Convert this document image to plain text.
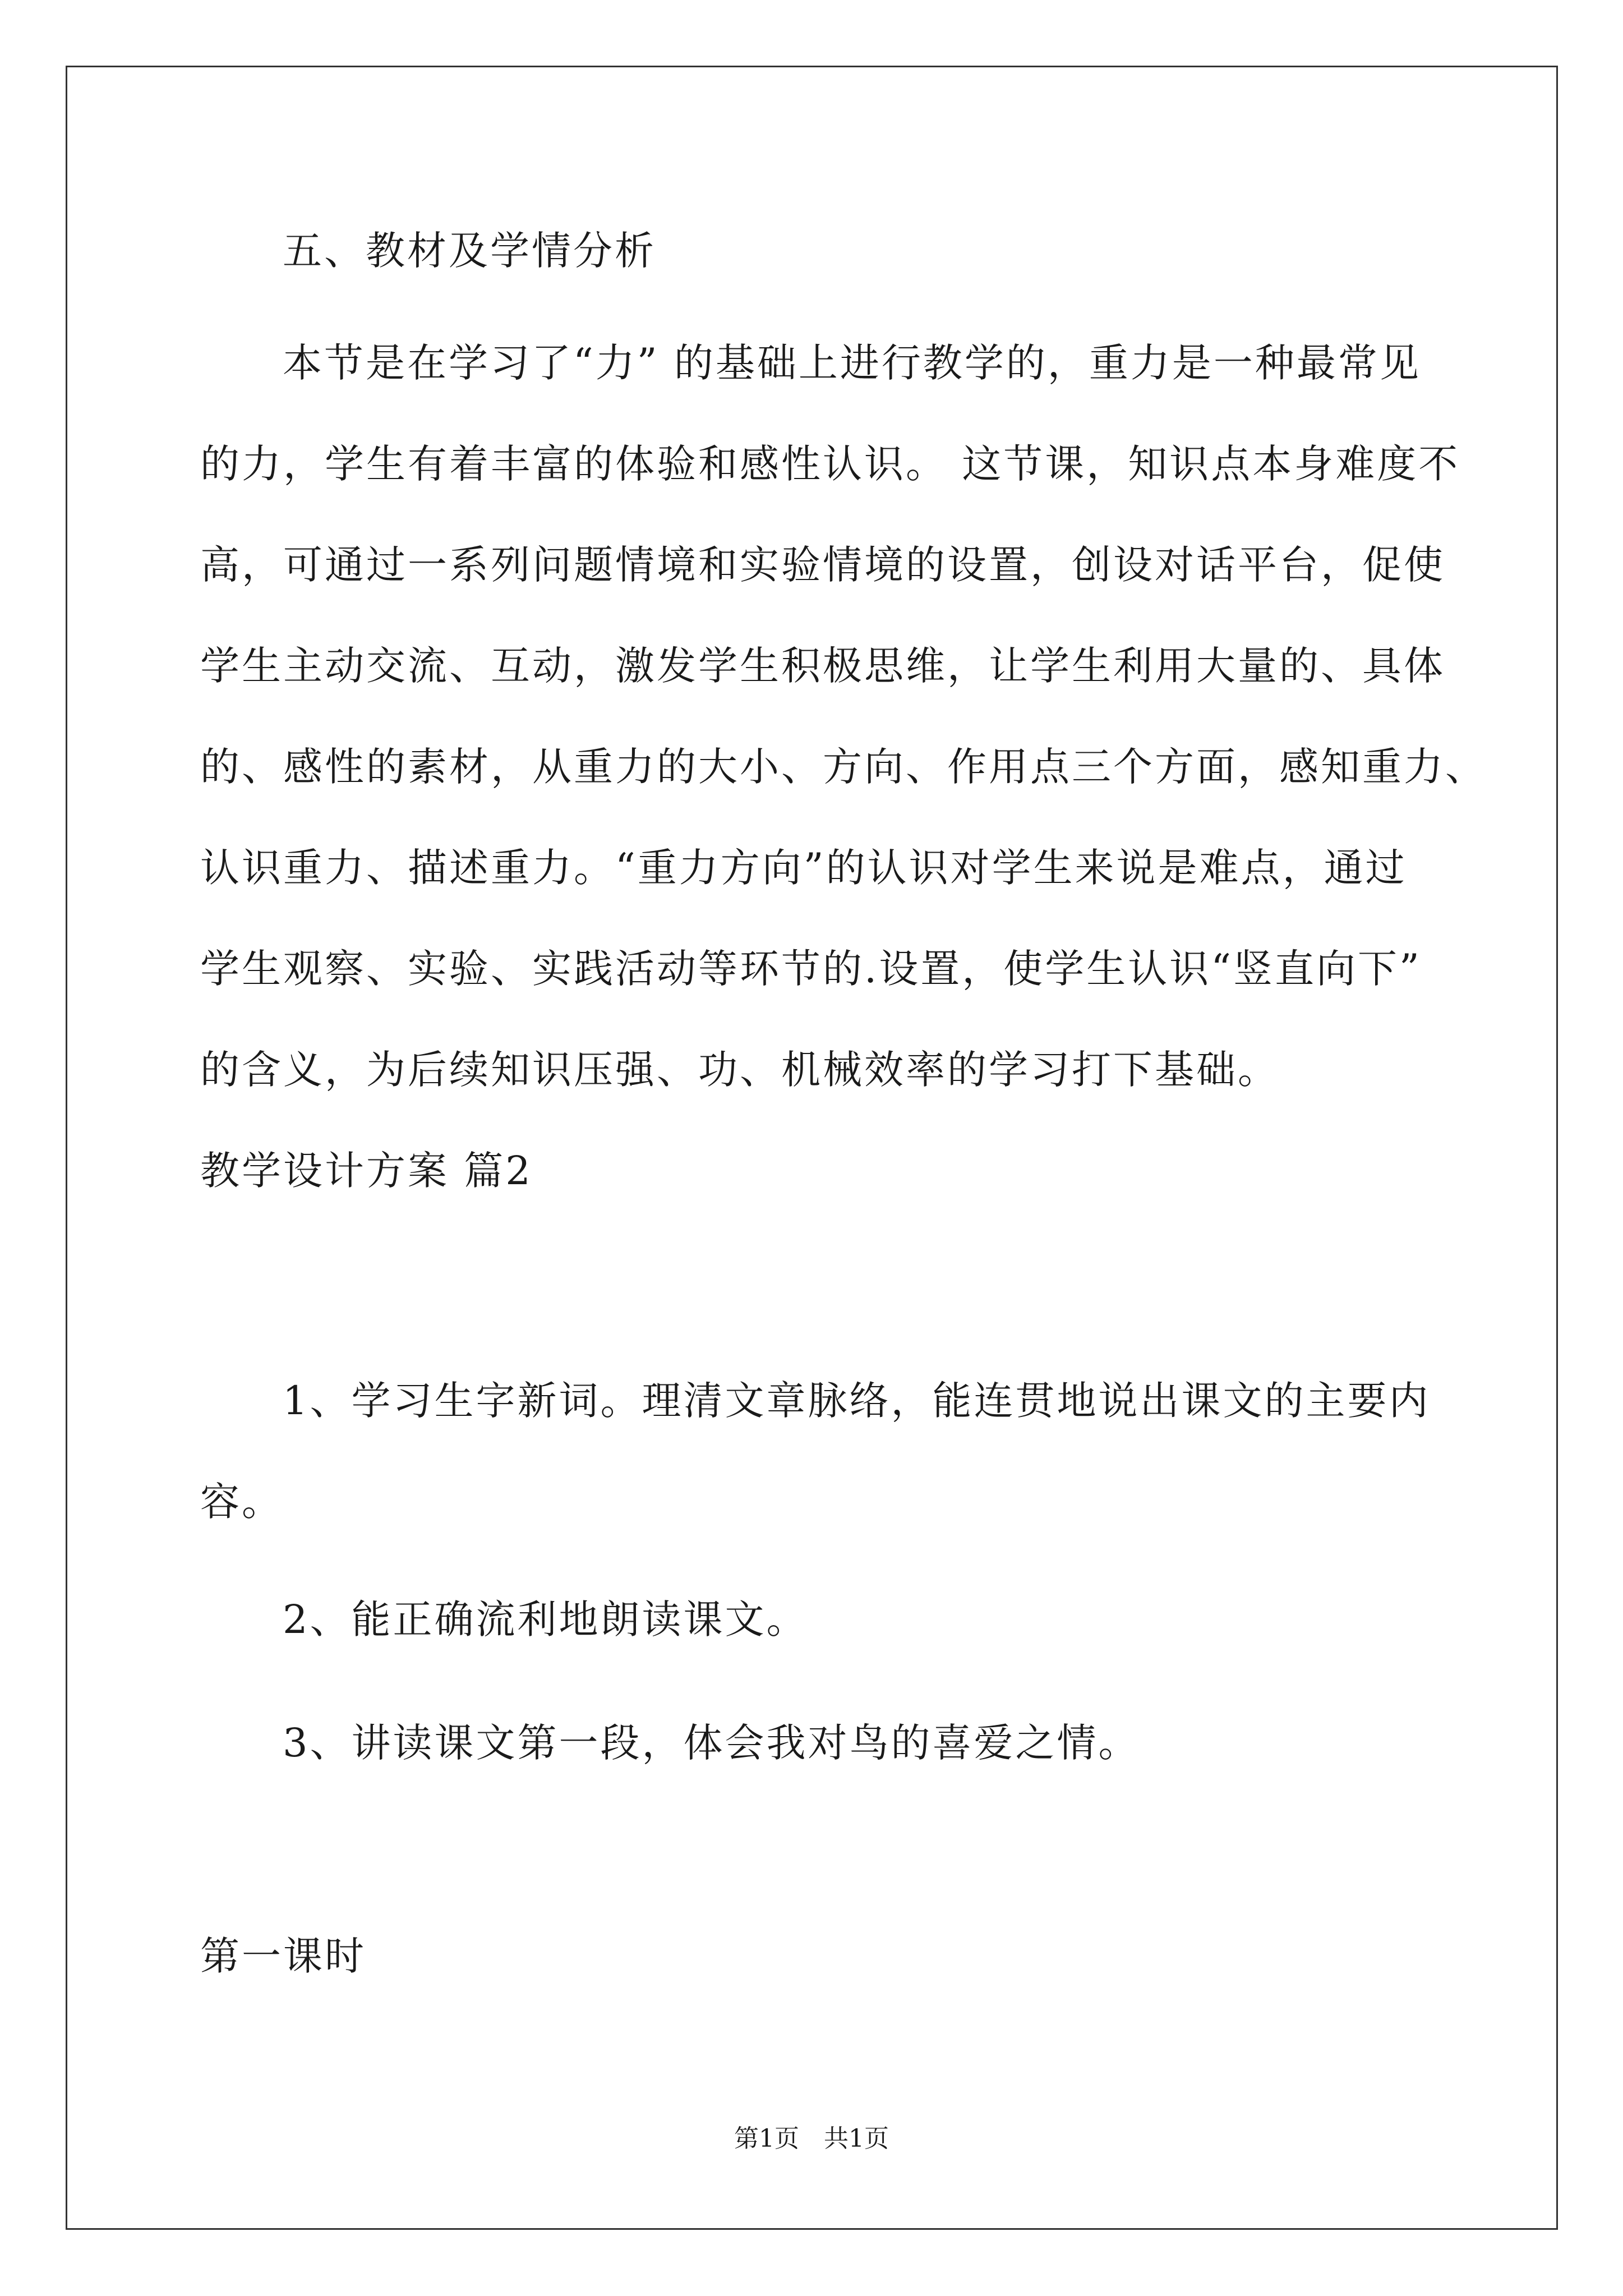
五、教材及学情分析
本节是在学习了“力” 的基础上进行教学的，重力是一种最常见
的力，学生有着丰富的体验和感性认识。 这节课，知识点本身难度不
高，可通过一系列问题情境和实验情境的设置，创设对话平台，促使
学生主动交流、互动，激发学生积极思维，让学生利用大量的、具体
的、感性的素材，从重力的大小、方向、作用点三个方面，感知重力、
认识重力、描述重力。“重力方向”的认识对学生来说是难点，通过
学生观察、实验、实践活动等环节的.设置，使学生认识“竖直向下”
的含义，为后续知识压强、功、机械效率的学习打下基础。
教学设计方案 篇2
1、学习生字新词。理清文章脉络，能连贯地说出课文的主要内
容。
2、能正确流利地朗读课文。
3、讲读课文第一段，体会我对鸟的喜爱之情。
第一课时
第1页　共1页
